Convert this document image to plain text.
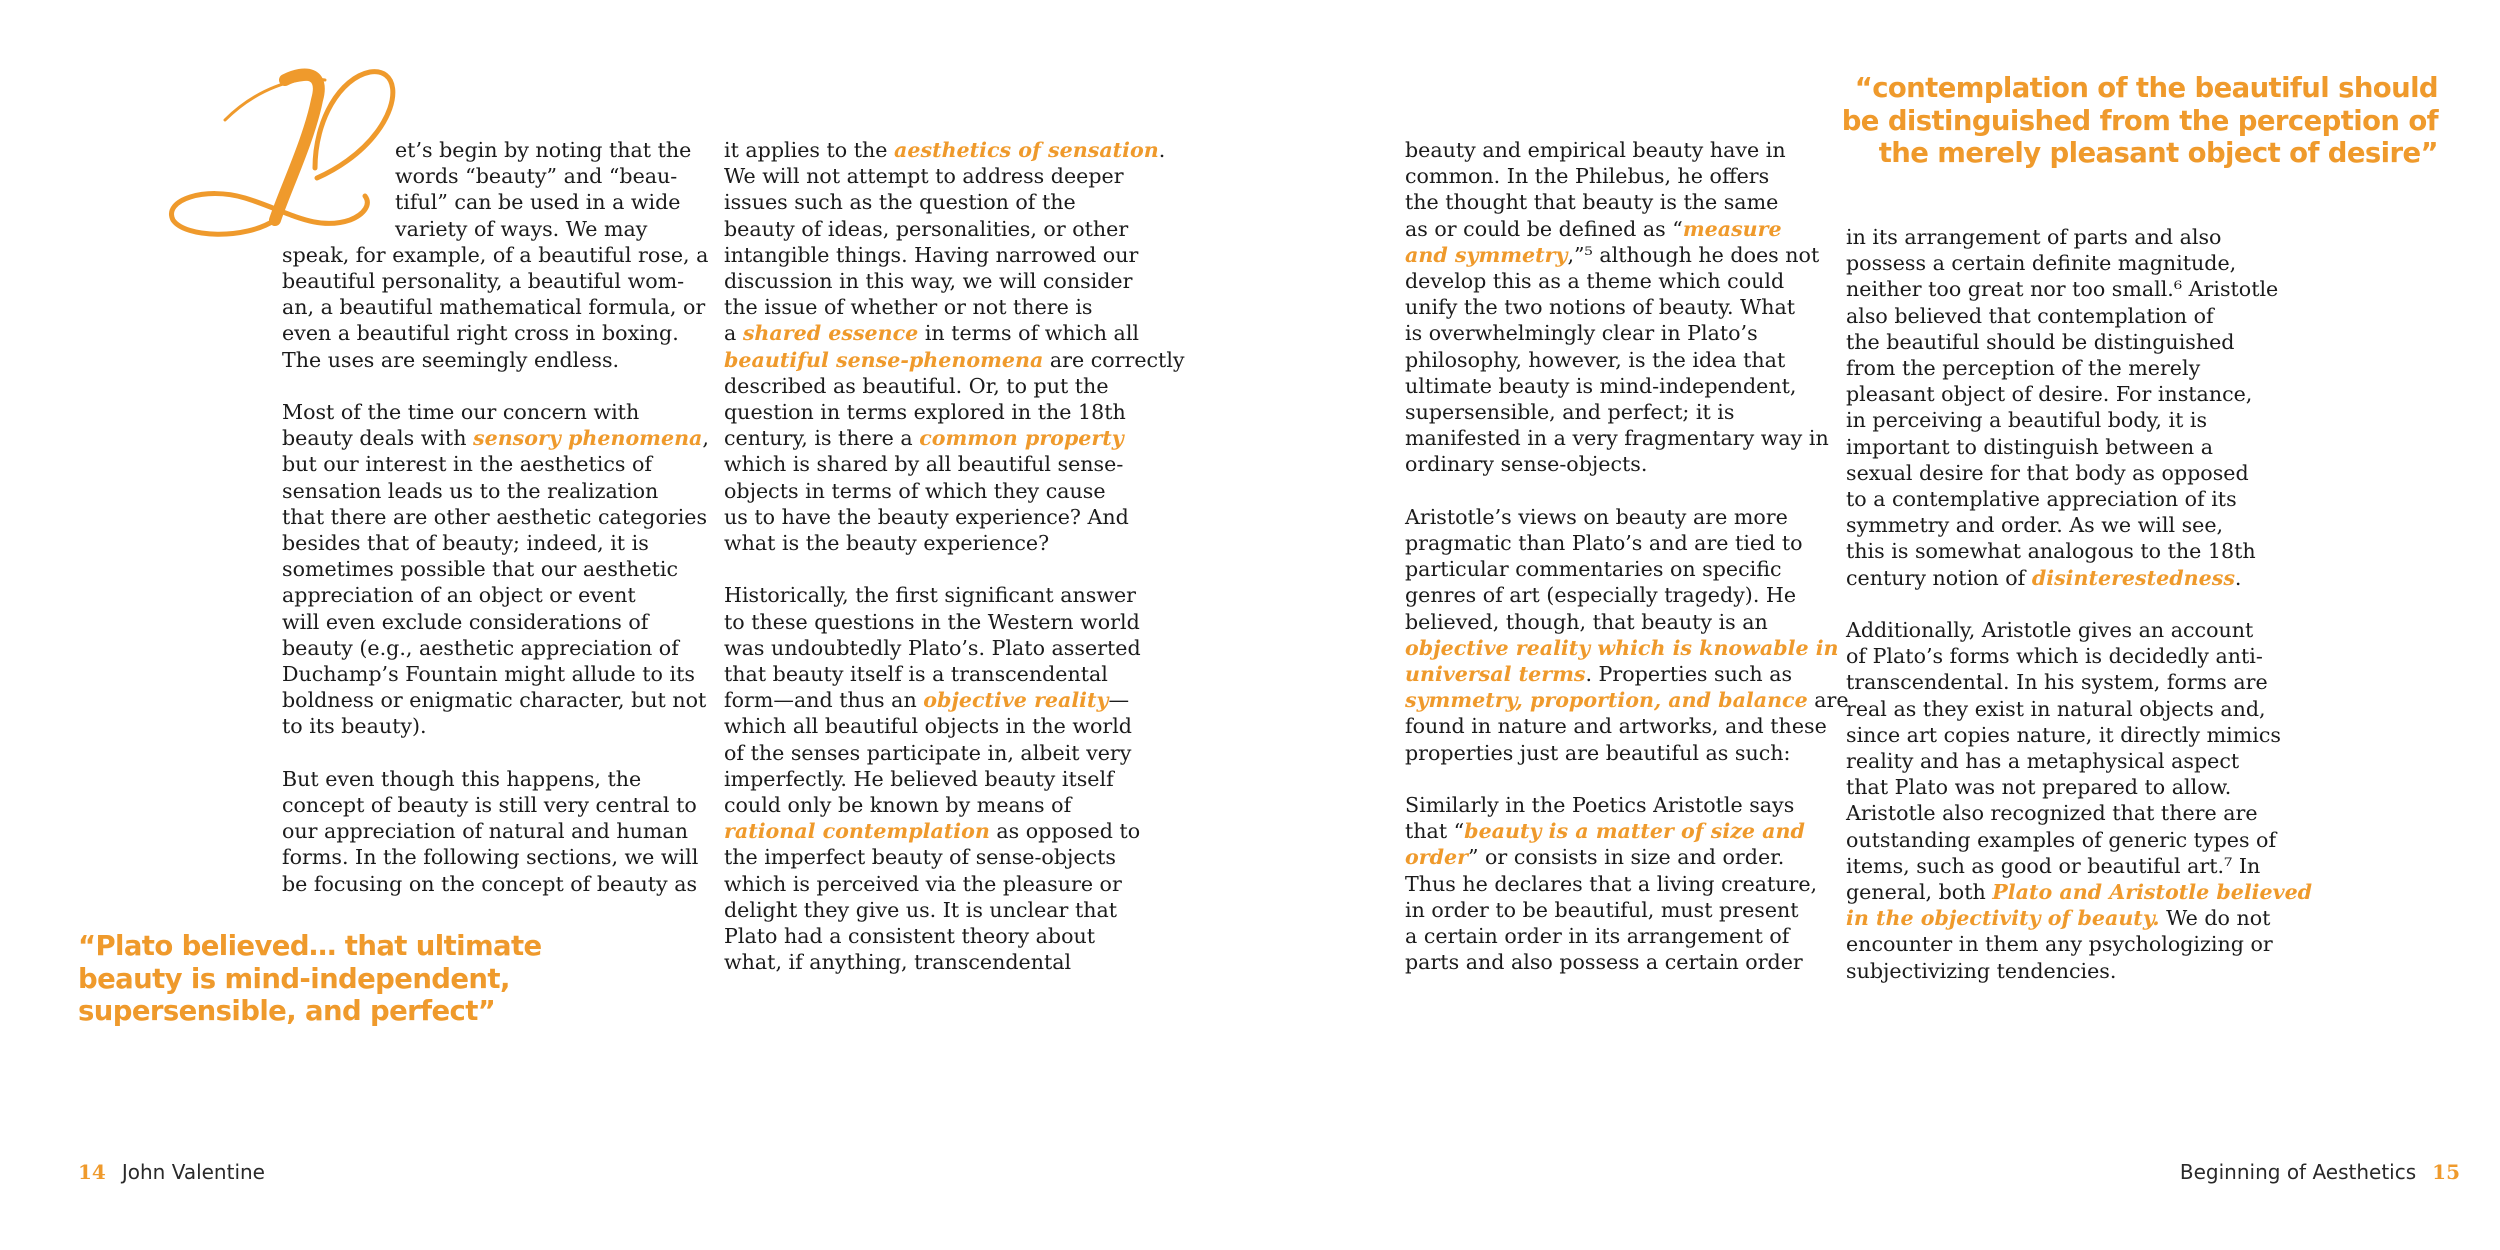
et’s begin by noting that the
words “beauty” and “beau-
tiful” can be used in a wide
variety of ways. We may
speak, for example, of a beautiful rose, a
beautiful personality, a beautiful wom-
an, a beautiful mathematical formula, or
even a beautiful right cross in boxing.
The uses are seemingly endless.

Most of the time our concern with
beauty deals with sensory phenomena,
but our interest in the aesthetics of
sensation leads us to the realization
that there are other aesthetic categories
besides that of beauty; indeed, it is
sometimes possible that our aesthetic
appreciation of an object or event
will even exclude considerations of
beauty (e.g., aesthetic appreciation of
Duchamp’s Fountain might allude to its
boldness or enigmatic character, but not
to its beauty).

But even though this happens, the
concept of beauty is still very central to
our appreciation of natural and human
forms. In the following sections, we will
be focusing on the concept of beauty as

it applies to the aesthetics of sensation.
We will not attempt to address deeper
issues such as the question of the
beauty of ideas, personalities, or other
intangible things. Having narrowed our
discussion in this way, we will consider
the issue of whether or not there is
a shared essence in terms of which all
beautiful sense-phenomena are correctly
described as beautiful. Or, to put the
question in terms explored in the 18th
century, is there a common property
which is shared by all beautiful sense-
objects in terms of which they cause
us to have the beauty experience? And
what is the beauty experience?

Historically, the first significant answer
to these questions in the Western world
was undoubtedly Plato’s. Plato asserted
that beauty itself is a transcendental
form—and thus an objective reality—
which all beautiful objects in the world
of the senses participate in, albeit very
imperfectly. He believed beauty itself
could only be known by means of
rational contemplation as opposed to
the imperfect beauty of sense-objects
which is perceived via the pleasure or
delight they give us. It is unclear that
Plato had a consistent theory about
what, if anything, transcendental

beauty and empirical beauty have in
common. In the Philebus, he offers
the thought that beauty is the same
as or could be defined as “measure
and symmetry,”⁵ although he does not
develop this as a theme which could
unify the two notions of beauty. What
is overwhelmingly clear in Plato’s
philosophy, however, is the idea that
ultimate beauty is mind-independent,
supersensible, and perfect; it is
manifested in a very fragmentary way in
ordinary sense-objects.

Aristotle’s views on beauty are more
pragmatic than Plato’s and are tied to
particular commentaries on specific
genres of art (especially tragedy). He
believed, though, that beauty is an
objective reality which is knowable in
universal terms. Properties such as
symmetry, proportion, and balance are
found in nature and artworks, and these
properties just are beautiful as such:

Similarly in the Poetics Aristotle says
that “beauty is a matter of size and
order” or consists in size and order.
Thus he declares that a living creature,
in order to be beautiful, must present
a certain order in its arrangement of
parts and also possess a certain order

in its arrangement of parts and also
possess a certain definite magnitude,
neither too great nor too small.⁶ Aristotle
also believed that contemplation of
the beautiful should be distinguished
from the perception of the merely
pleasant object of desire. For instance,
in perceiving a beautiful body, it is
important to distinguish between a
sexual desire for that body as opposed
to a contemplative appreciation of its
symmetry and order. As we will see,
this is somewhat analogous to the 18th
century notion of disinterestedness.

Additionally, Aristotle gives an account
of Plato’s forms which is decidedly anti-
transcendental. In his system, forms are
real as they exist in natural objects and,
since art copies nature, it directly mimics
reality and has a metaphysical aspect
that Plato was not prepared to allow.
Aristotle also recognized that there are
outstanding examples of generic types of
items, such as good or beautiful art.⁷ In
general, both Plato and Aristotle believed
in the objectivity of beauty. We do not
encounter in them any psychologizing or
subjectivizing tendencies.

“Plato believed… that ultimate
beauty is mind-independent,
supersensible, and perfect”
“contemplation of the beautiful should
be distinguished from the perception of
the merely pleasant object of desire”
14 John Valentine	Beginning of Aesthetics 15
